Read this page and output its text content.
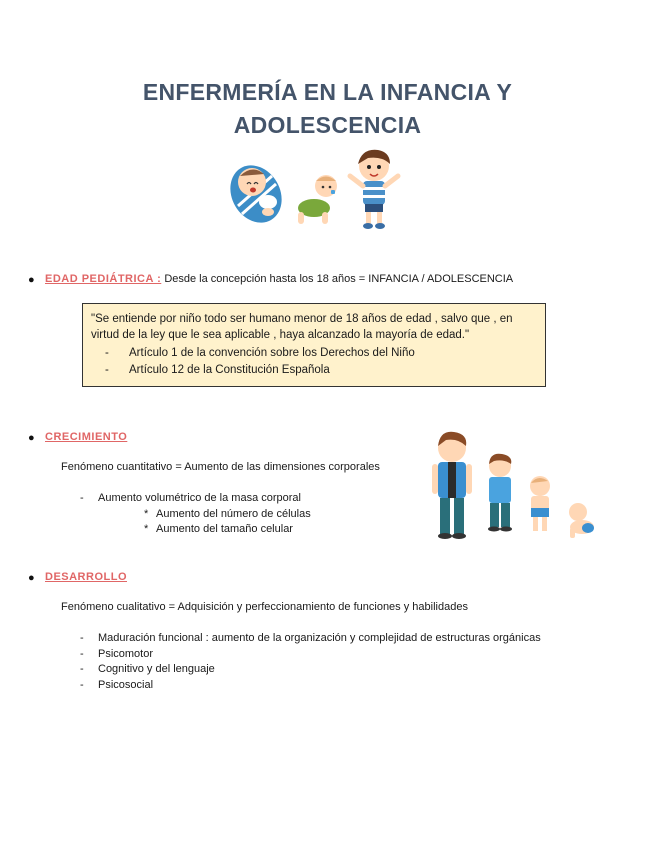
ENFERMERÍA EN LA INFANCIA Y
ADOLESCENCIA
● EDAD PEDIÁTRICA : Desde la concepción hasta los 18 años = INFANCIA / ADOLESCENCIA
"Se entiende por niño todo ser humano menor de 18 años de edad , salvo que , en virtud de la ley que le sea aplicable , haya alcanzado la mayoría de edad."
- Artículo 1 de la convención sobre los Derechos del Niño
- Artículo 12 de la Constitución Española
● CRECIMIENTO
Fenómeno cuantitativo = Aumento de las dimensiones corporales
- Aumento volumétrico de la masa corporal
* Aumento del número de células
* Aumento del tamaño celular
● DESARROLLO
Fenómeno cualitativo = Adquisición y perfeccionamiento de funciones y habilidades
- Maduración funcional : aumento de la organización y complejidad de estructuras orgánicas
- Psicomotor
- Cognitivo y del lenguaje
- Psicosocial
